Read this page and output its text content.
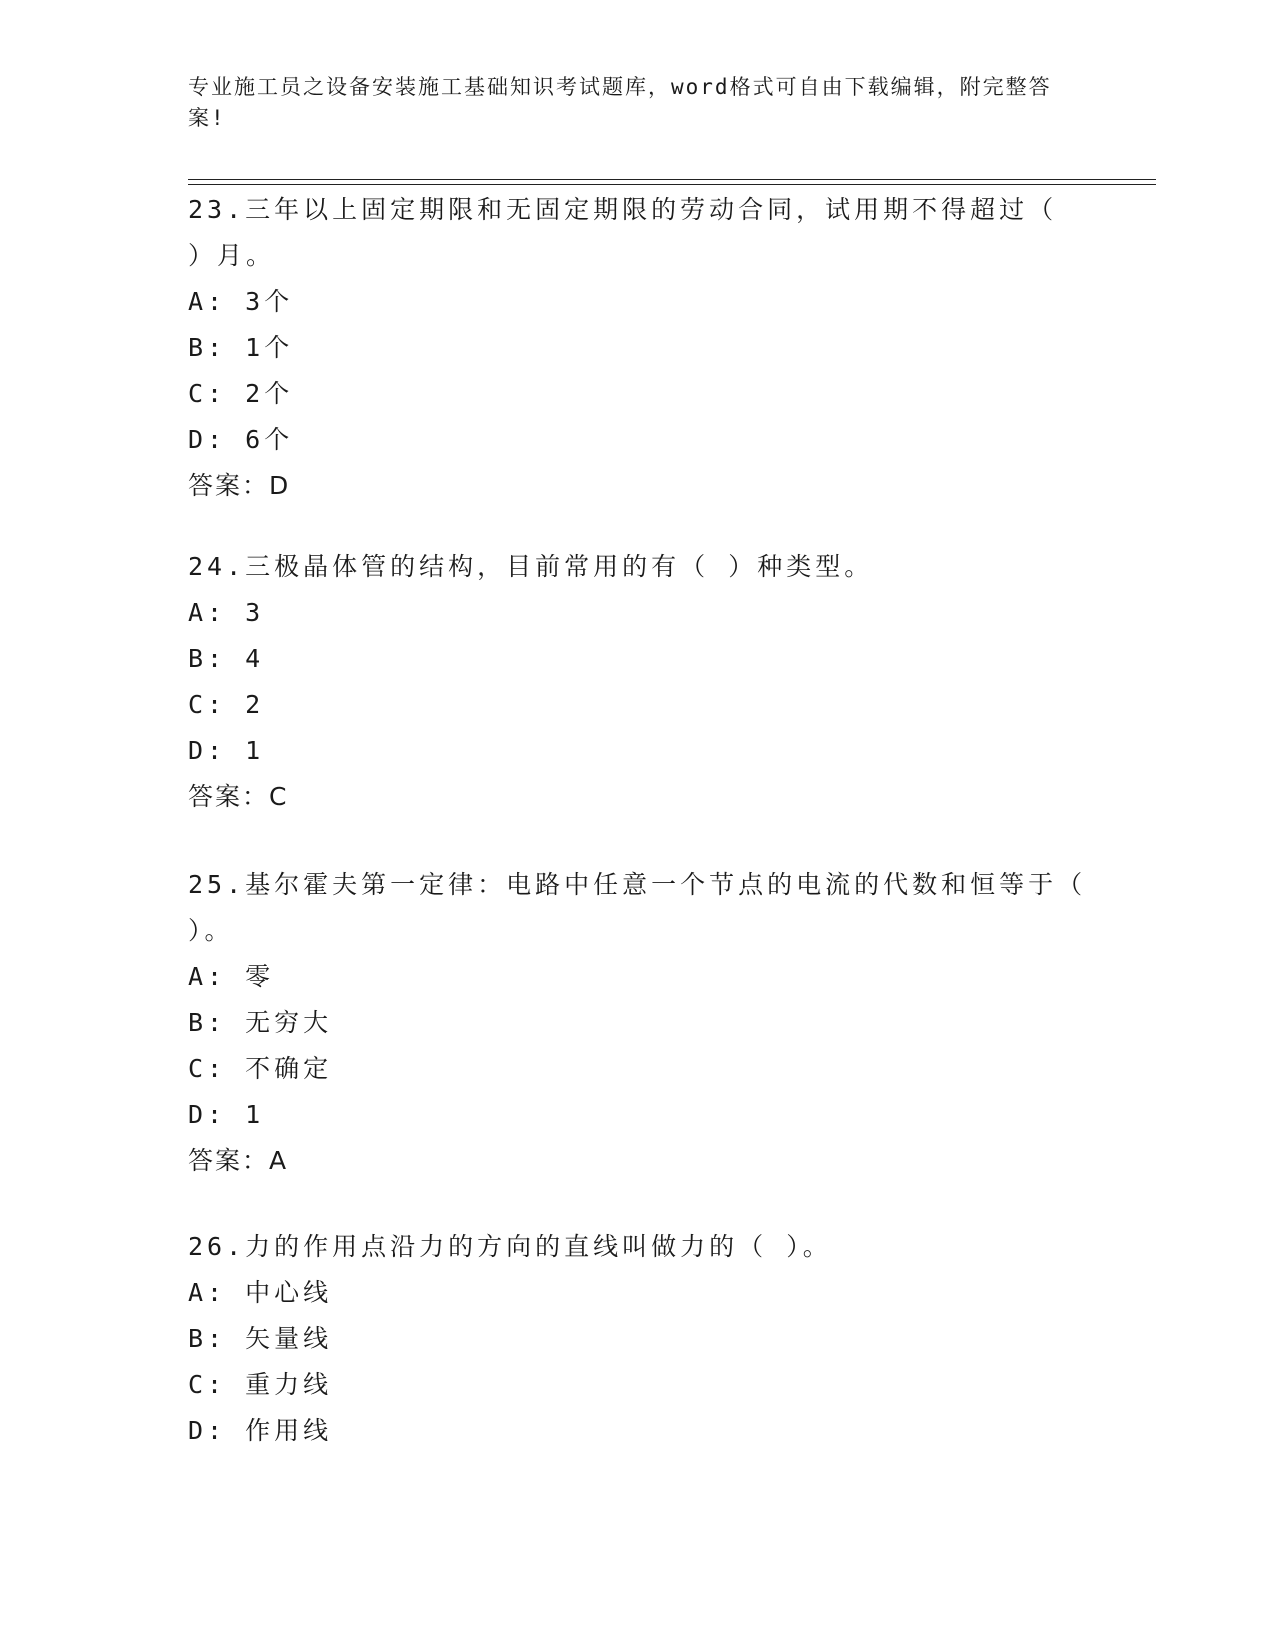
专业施工员之设备安装施工基础知识考试题库，word格式可自由下载编辑，附完整答案!

23.三年以上固定期限和无固定期限的劳动合同，试用期不得超过（ ）月。

A: 3个

B: 1个

C: 2个

D: 6个

答案：D

24.三极晶体管的结构，目前常用的有（ ）种类型。

A: 3

B: 4

C: 2

D: 1

答案：C

25.基尔霍夫第一定律：电路中任意一个节点的电流的代数和恒等于（ ）。

A: 零

B: 无穷大

C: 不确定

D: 1

答案：A

26.力的作用点沿力的方向的直线叫做力的（ ）。

A: 中心线

B: 矢量线

C: 重力线

D: 作用线
